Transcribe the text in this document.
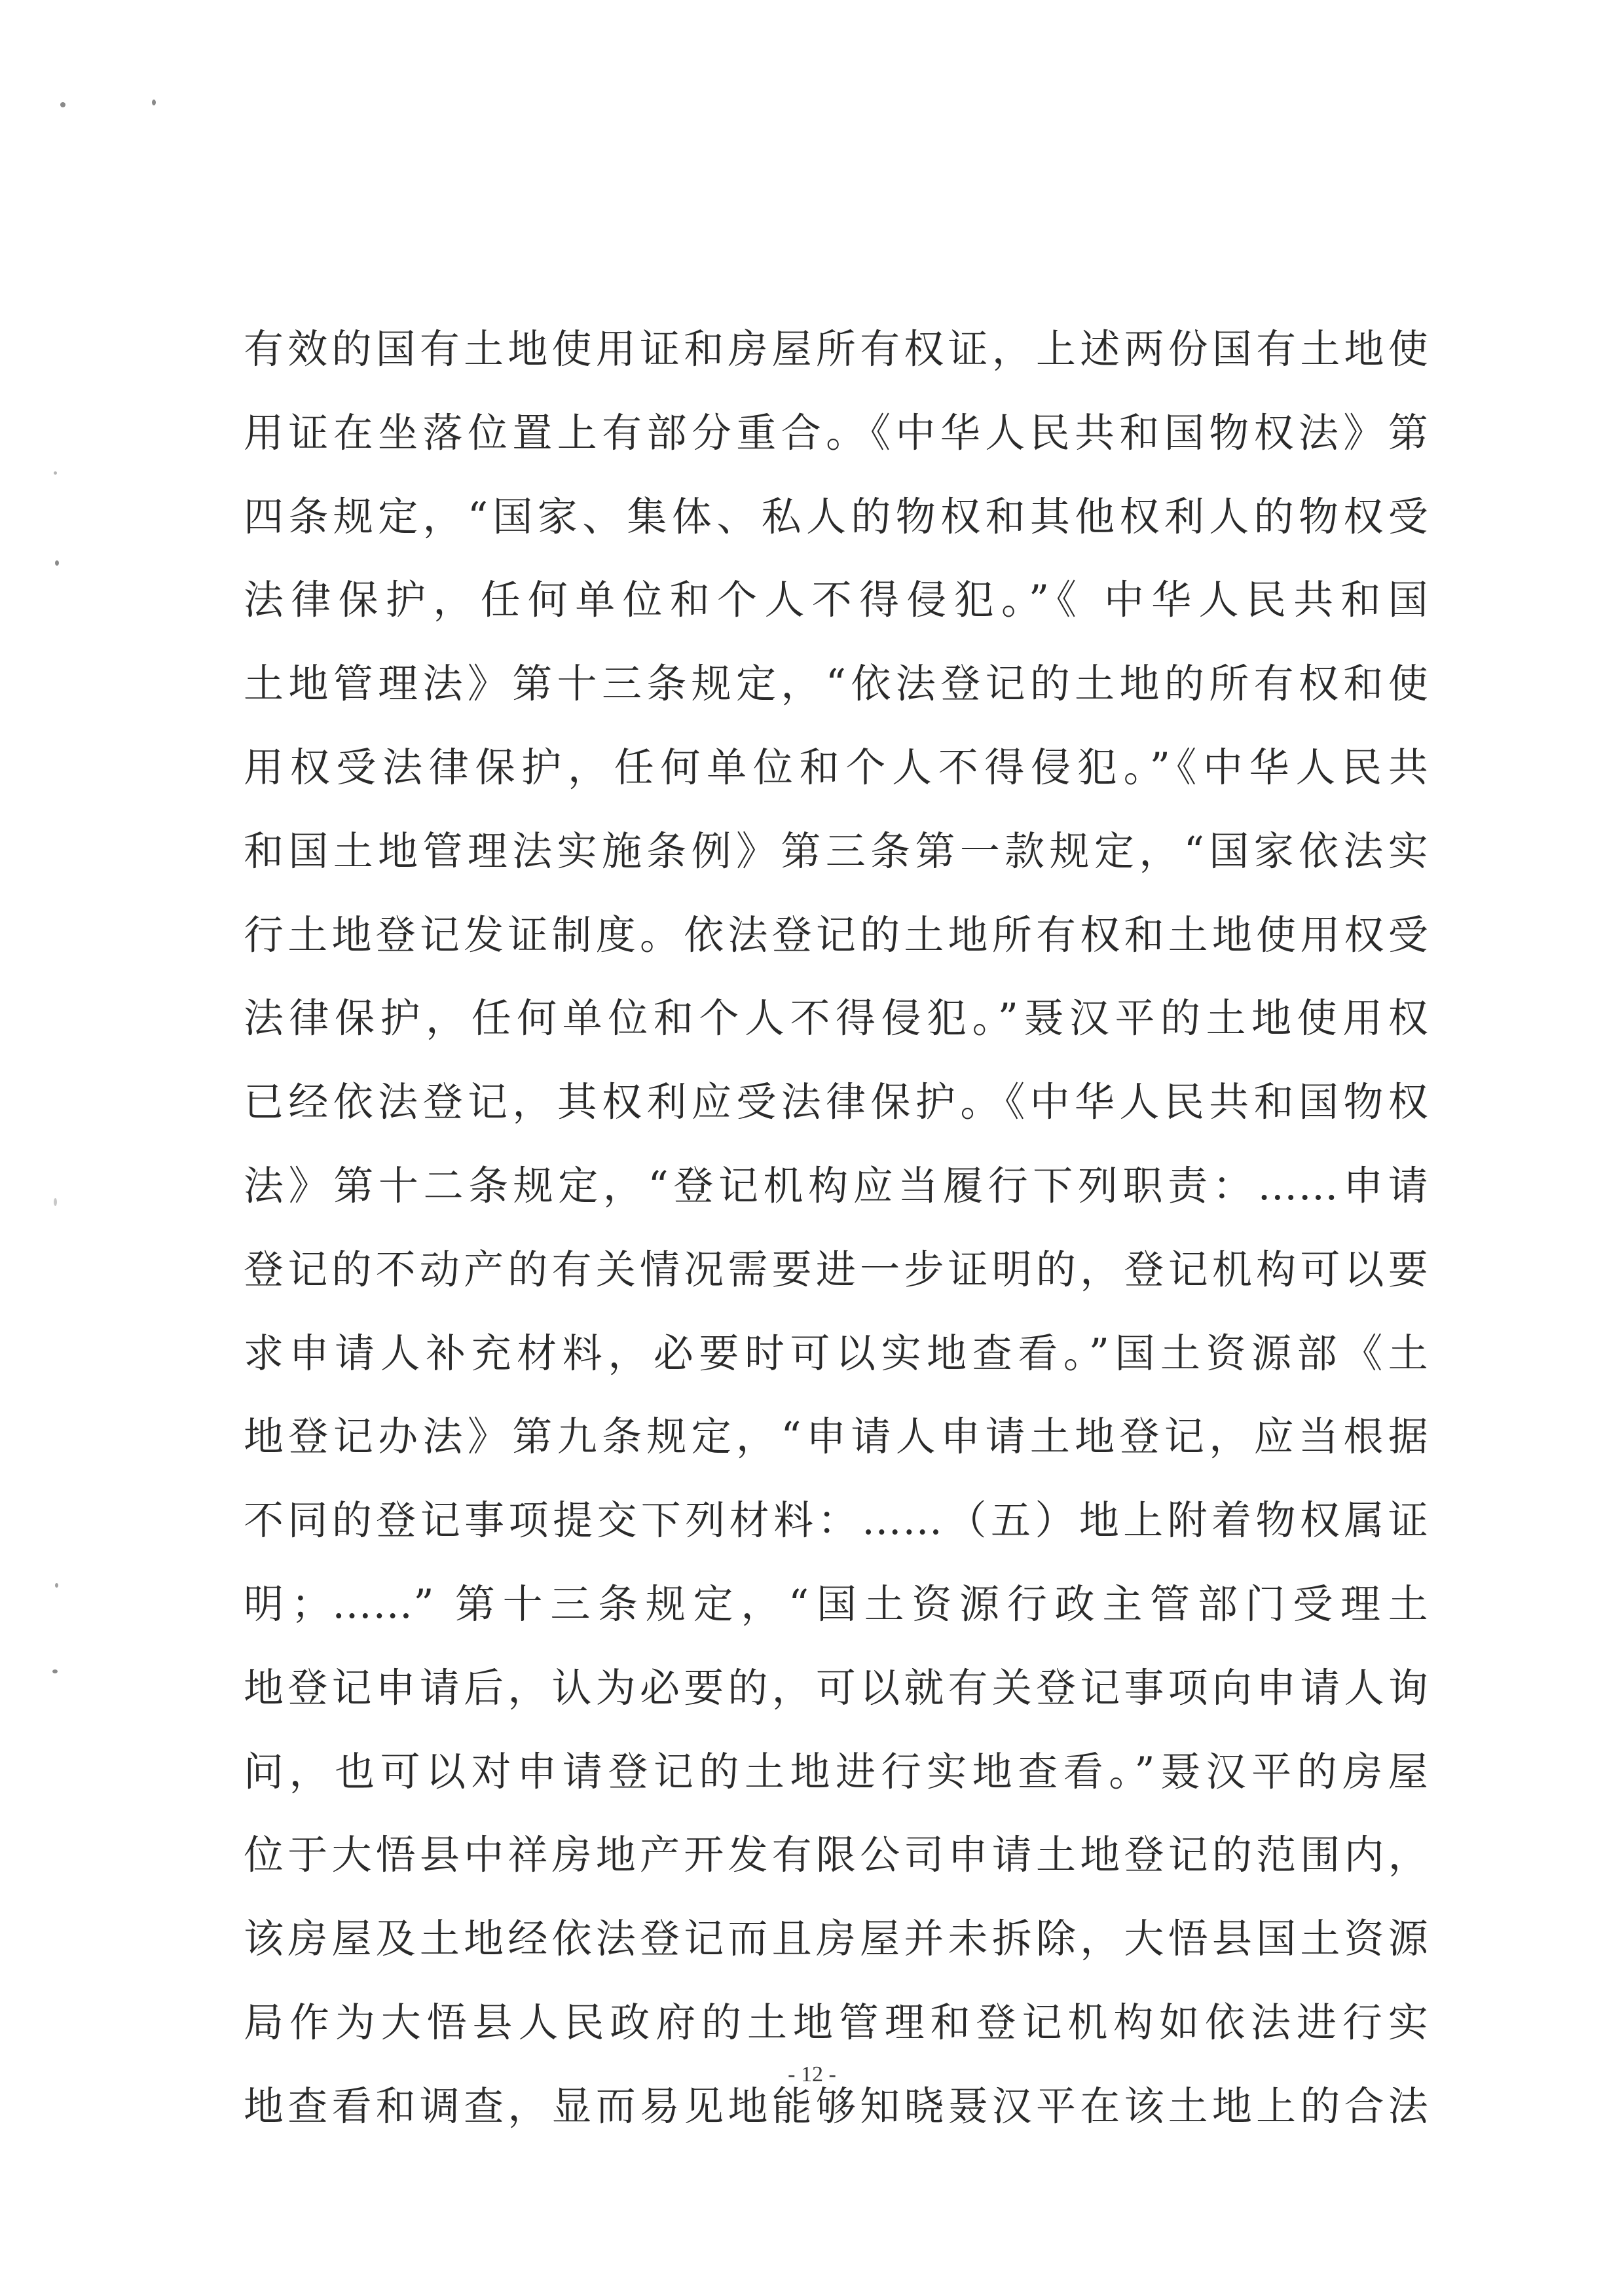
有效的国有土地使用证和房屋所有权证，上述两份国有土地使
用证在坐落位置上有部分重合。《中华人民共和国物权法》第
四条规定，“国家、集体、私人的物权和其他权利人的物权受
法律保护，任何单位和个人不得侵犯。”《 中华人民共和国
土地管理法》第十三条规定，“依法登记的土地的所有权和使
用权受法律保护，任何单位和个人不得侵犯。”《中华人民共
和国土地管理法实施条例》第三条第一款规定，“国家依法实
行土地登记发证制度。依法登记的土地所有权和土地使用权受
法律保护，任何单位和个人不得侵犯。”聂汉平的土地使用权
已经依法登记，其权利应受法律保护。《中华人民共和国物权
法》第十二条规定，“登记机构应当履行下列职责：……申请
登记的不动产的有关情况需要进一步证明的，登记机构可以要
求申请人补充材料，必要时可以实地查看。”国土资源部《土
地登记办法》第九条规定，“申请人申请土地登记，应当根据
不同的登记事项提交下列材料：……（五）地上附着物权属证
明；……” 第十三条规定，“国土资源行政主管部门受理土
地登记申请后，认为必要的，可以就有关登记事项向申请人询
问，也可以对申请登记的土地进行实地查看。”聂汉平的房屋
位于大悟县中祥房地产开发有限公司申请土地登记的范围内，
该房屋及土地经依法登记而且房屋并未拆除，大悟县国土资源
局作为大悟县人民政府的土地管理和登记机构如依法进行实
地查看和调查，显而易见地能够知晓聂汉平在该土地上的合法
- 12 -
